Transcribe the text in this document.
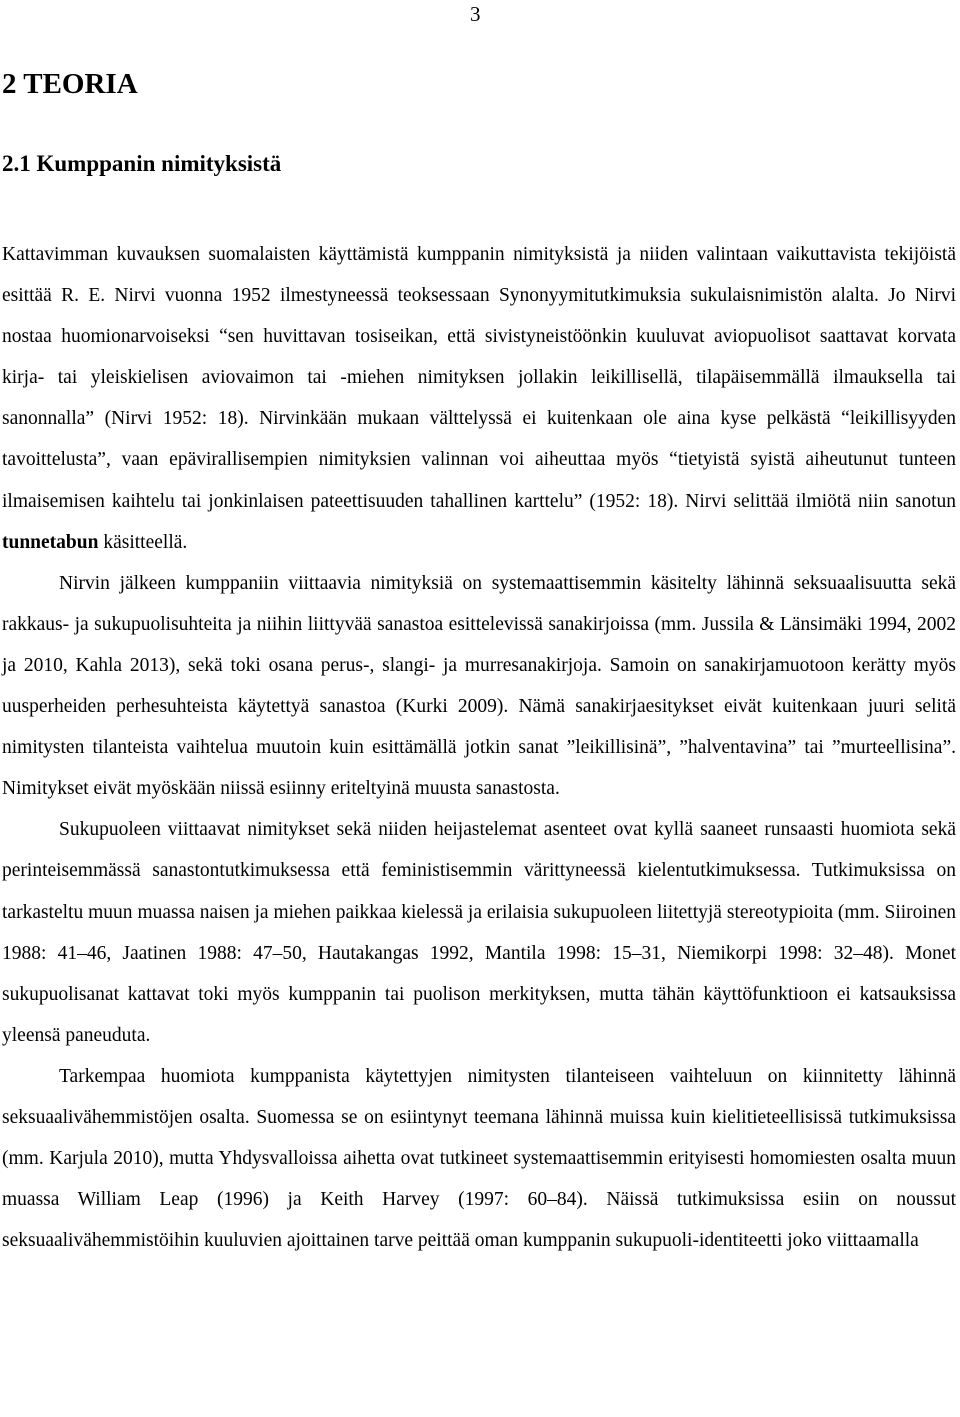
3
2 TEORIA
2.1 Kumppanin nimityksistä

Kattavimman kuvauksen suomalaisten käyttämistä kumppanin nimityksistä ja niiden valintaan vaikuttavista tekijöistä esittää R. E. Nirvi vuonna 1952 ilmestyneessä teoksessaan Synonyymitutkimuksia sukulaisnimistön alalta. Jo Nirvi nostaa huomionarvoiseksi “sen huvittavan tosiseikan, että sivistyneistöönkin kuuluvat aviopuolisot saattavat korvata kirja- tai yleiskielisen aviovaimon tai -miehen nimityksen jollakin leikillisellä, tilapäisemmällä ilmauksella tai sanonnalla” (Nirvi 1952: 18). Nirvinkään mukaan välttelyssä ei kuitenkaan ole aina kyse pelkästä “leikillisyyden tavoittelusta”, vaan epävirallisempien nimityksien valinnan voi aiheuttaa myös “tietyistä syistä aiheutunut tunteen ilmaisemisen kaihtelu tai jonkinlaisen pateettisuuden tahallinen karttelu” (1952: 18). Nirvi selittää ilmiötä niin sanotun tunnetabun käsitteellä.

Nirvin jälkeen kumppaniin viittaavia nimityksiä on systemaattisemmin käsitelty lähinnä seksuaalisuutta sekä rakkaus- ja sukupuolisuhteita ja niihin liittyvää sanastoa esittelevissä sanakirjoissa (mm. Jussila & Länsimäki 1994, 2002 ja 2010, Kahla 2013), sekä toki osana perus-, slangi- ja murresanakirjoja. Samoin on sanakirjamuotoon kerätty myös uusperheiden perhesuhteista käytettyä sanastoa (Kurki 2009). Nämä sanakirjaesitykset eivät kuitenkaan juuri selitä nimitysten tilanteista vaihtelua muutoin kuin esittämällä jotkin sanat ”leikillisinä”, ”halventavina” tai ”murteellisina”. Nimitykset eivät myöskään niissä esiinny eriteltyinä muusta sanastosta.

Sukupuoleen viittaavat nimitykset sekä niiden heijastelemat asenteet ovat kyllä saaneet runsaasti huomiota sekä perinteisemmässä sanastontutkimuksessa että feministisemmin värittyneessä kielentutkimuksessa. Tutkimuksissa on tarkasteltu muun muassa naisen ja miehen paikkaa kielessä ja erilaisia sukupuoleen liitettyjä stereotypioita (mm. Siiroinen 1988: 41–46, Jaatinen 1988: 47–50, Hautakangas 1992, Mantila 1998: 15–31, Niemikorpi 1998: 32–48). Monet sukupuolisanat kattavat toki myös kumppanin tai puolison merkityksen, mutta tähän käyttöfunktioon ei katsauksissa yleensä paneuduta.

Tarkempaa huomiota kumppanista käytettyjen nimitysten tilanteiseen vaihteluun on kiinnitetty lähinnä seksuaalivähemmistöjen osalta. Suomessa se on esiintynyt teemana lähinnä muissa kuin kielitieteellisissä tutkimuksissa (mm. Karjula 2010), mutta Yhdysvalloissa aihetta ovat tutkineet systemaattisemmin erityisesti homomiesten osalta muun muassa William Leap (1996) ja Keith Harvey (1997: 60–84). Näissä tutkimuksissa esiin on noussut seksuaalivähemmistöihin kuuluvien ajoittainen tarve peittää oman kumppanin sukupuoli-identiteetti joko viittaamalla
